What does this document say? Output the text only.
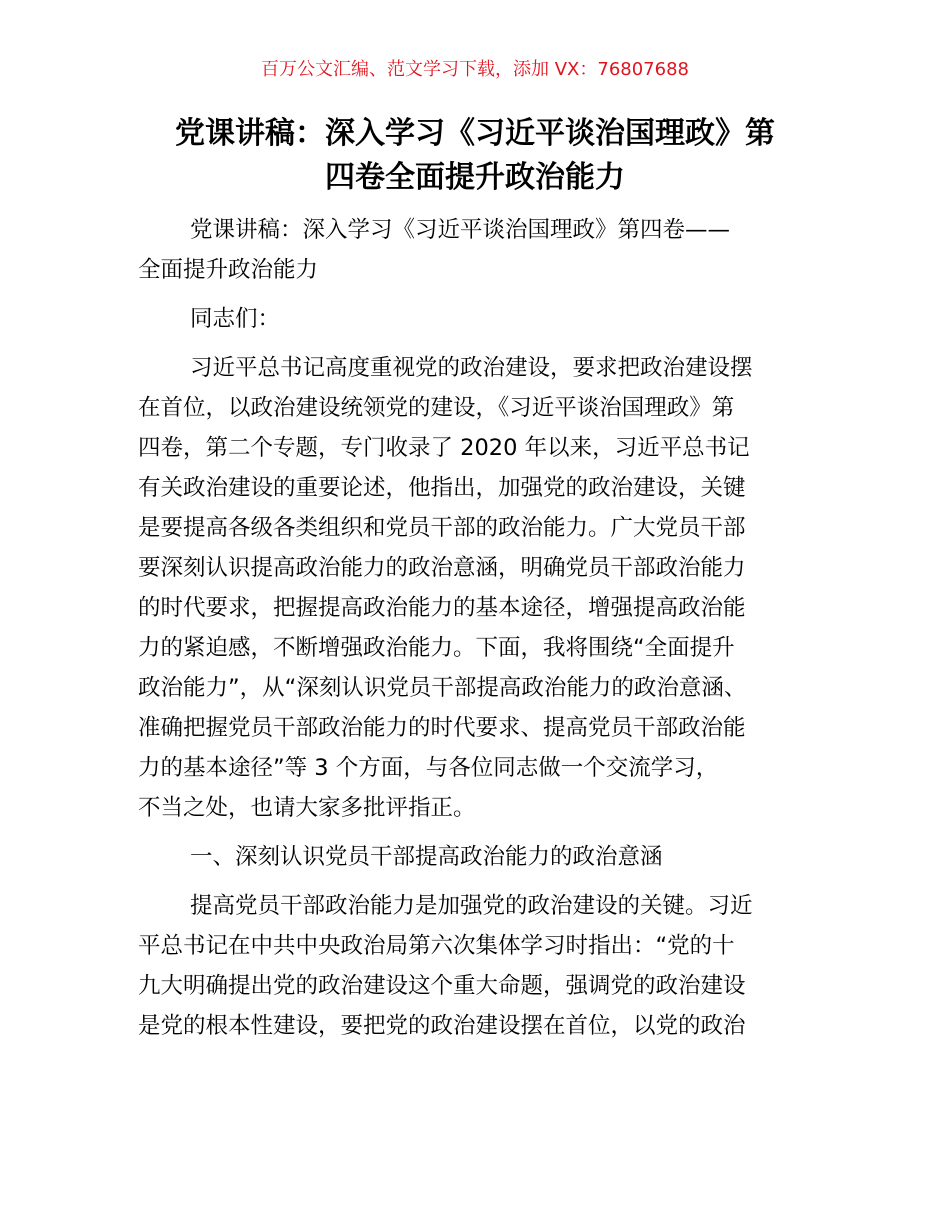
百万公文汇编、范文学习下载，添加 VX：76807688
党课讲稿：深入学习《习近平谈治国理政》第
四卷全面提升政治能力

党课讲稿：深入学习《习近平谈治国理政》第四卷——
全面提升政治能力

同志们：

习近平总书记高度重视党的政治建设，要求把政治建设摆
在首位，以政治建设统领党的建设，《习近平谈治国理政》第
四卷，第二个专题，专门收录了 2020 年以来，习近平总书记
有关政治建设的重要论述，他指出，加强党的政治建设，关键
是要提高各级各类组织和党员干部的政治能力。广大党员干部
要深刻认识提高政治能力的政治意涵，明确党员干部政治能力
的时代要求，把握提高政治能力的基本途径，增强提高政治能
力的紧迫感，不断增强政治能力。下面，我将围绕“全面提升
政治能力”，从“深刻认识党员干部提高政治能力的政治意涵、
准确把握党员干部政治能力的时代要求、提高党员干部政治能
力的基本途径”等 3 个方面，与各位同志做一个交流学习，
不当之处，也请大家多批评指正。

一、深刻认识党员干部提高政治能力的政治意涵

提高党员干部政治能力是加强党的政治建设的关键。习近
平总书记在中共中央政治局第六次集体学习时指出：“党的十
九大明确提出党的政治建设这个重大命题，强调党的政治建设
是党的根本性建设，要把党的政治建设摆在首位，以党的政治
